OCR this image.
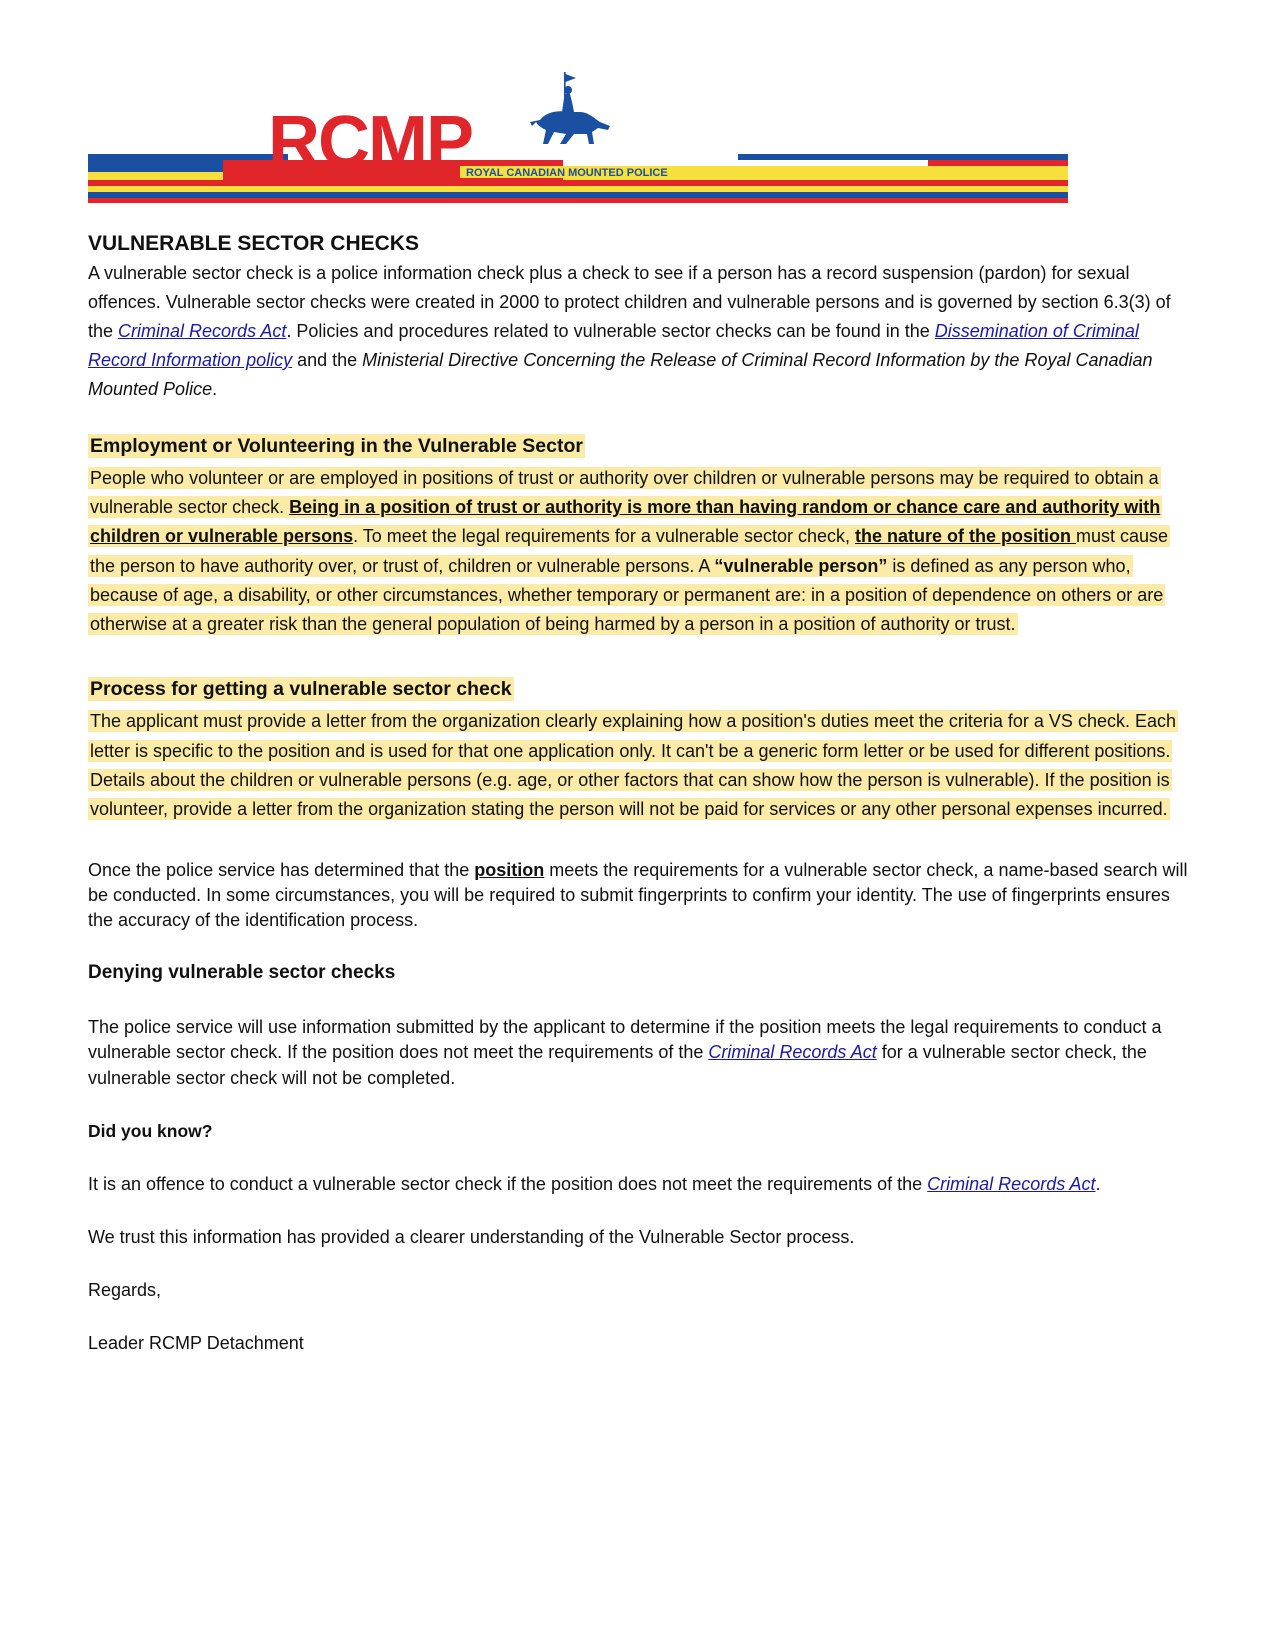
RCMP
ROYAL CANADIAN MOUNTED POLICE
VULNERABLE SECTOR CHECKS

A vulnerable sector check is a police information check plus a check to see if a person has a record suspension (pardon) for sexual offences. Vulnerable sector checks were created in 2000 to protect children and vulnerable persons and is governed by section 6.3(3) of the Criminal Records Act. Policies and procedures related to vulnerable sector checks can be found in the Dissemination of Criminal Record Information policy and the Ministerial Directive Concerning the Release of Criminal Record Information by the Royal Canadian Mounted Police.

Employment or Volunteering in the Vulnerable Sector

People who volunteer or are employed in positions of trust or authority over children or vulnerable persons may be required to obtain a vulnerable sector check. Being in a position of trust or authority is more than having random or chance care and authority with children or vulnerable persons. To meet the legal requirements for a vulnerable sector check, the nature of the position must cause the person to have authority over, or trust of, children or vulnerable persons. A “vulnerable person” is defined as any person who, because of age, a disability, or other circumstances, whether temporary or permanent are: in a position of dependence on others or are otherwise at a greater risk than the general population of being harmed by a person in a position of authority or trust.

Process for getting a vulnerable sector check

The applicant must provide a letter from the organization clearly explaining how a position's duties meet the criteria for a VS check. Each letter is specific to the position and is used for that one application only. It can't be a generic form letter or be used for different positions. Details about the children or vulnerable persons (e.g. age, or other factors that can show how the person is vulnerable). If the position is volunteer, provide a letter from the organization stating the person will not be paid for services or any other personal expenses incurred.

Once the police service has determined that the position meets the requirements for a vulnerable sector check, a name-based search will be conducted. In some circumstances, you will be required to submit fingerprints to confirm your identity. The use of fingerprints ensures the accuracy of the identification process.

Denying vulnerable sector checks

The police service will use information submitted by the applicant to determine if the position meets the legal requirements to conduct a vulnerable sector check. If the position does not meet the requirements of the Criminal Records Act for a vulnerable sector check, the vulnerable sector check will not be completed.

Did you know?

It is an offence to conduct a vulnerable sector check if the position does not meet the requirements of the Criminal Records Act.

We trust this information has provided a clearer understanding of the Vulnerable Sector process.

Regards,

Leader RCMP Detachment
